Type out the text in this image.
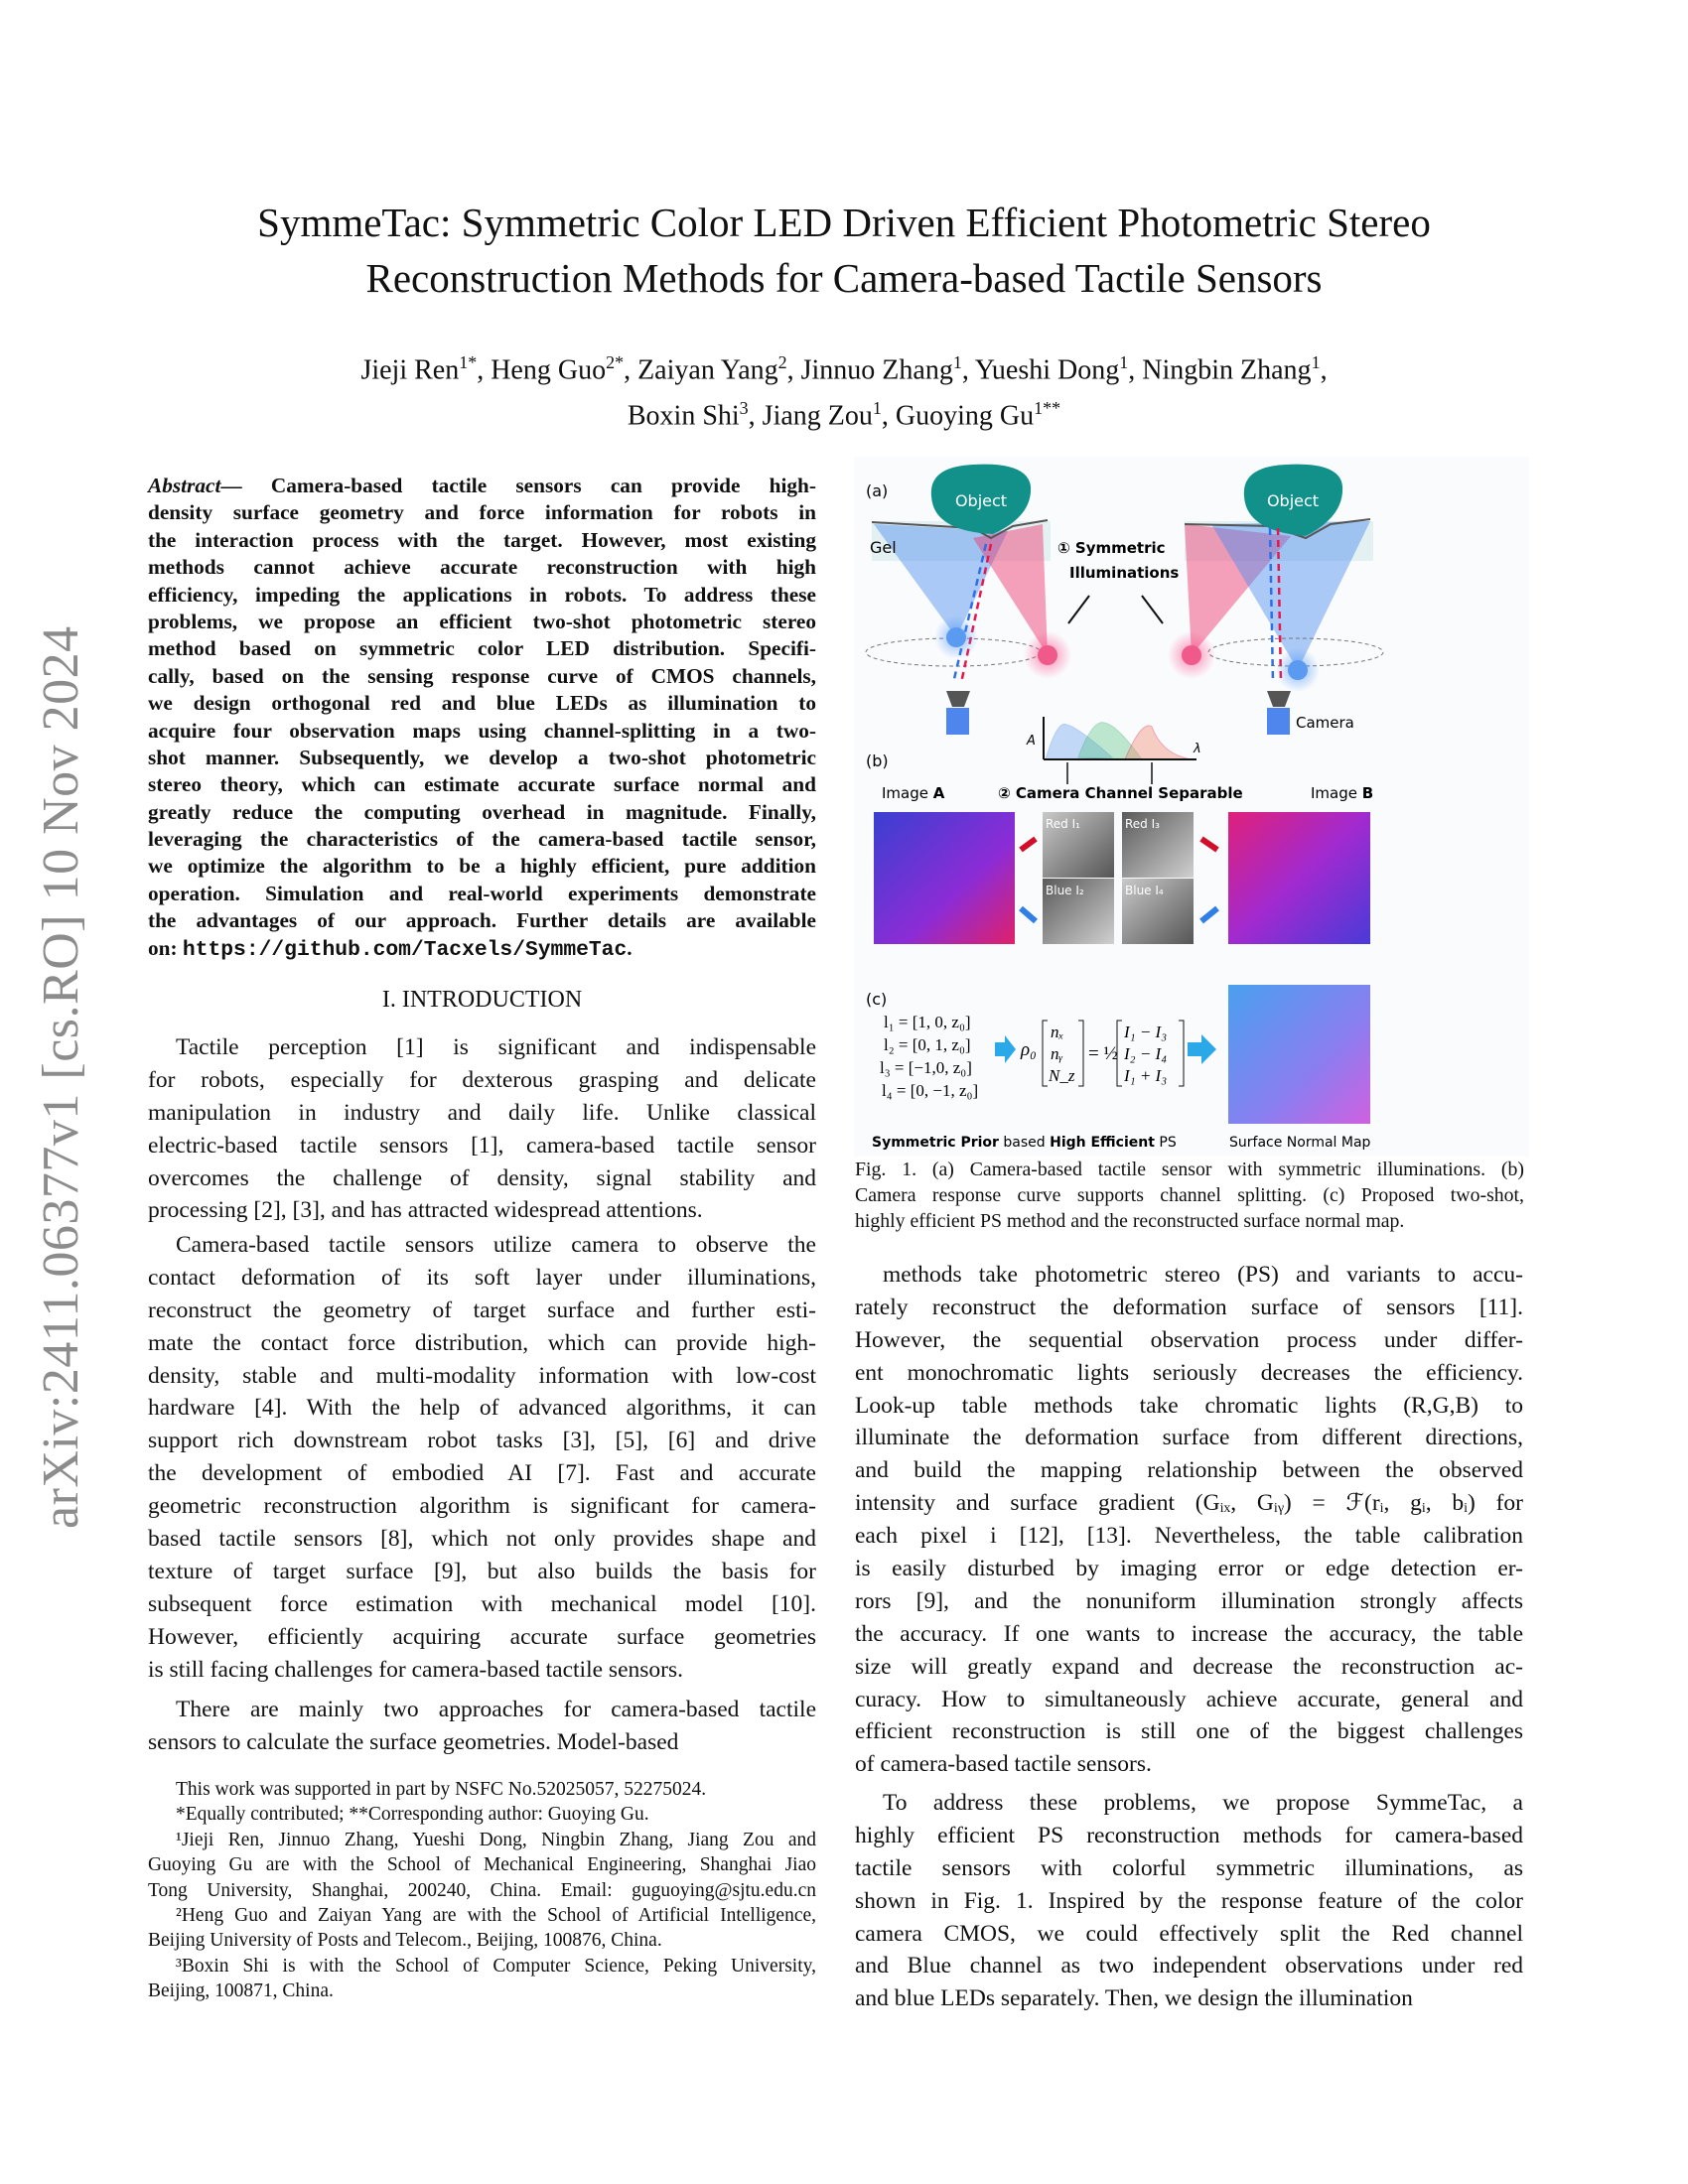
arXiv:2411.06377v1 [cs.RO] 10 Nov 2024
SymmeTac: Symmetric Color LED Driven Efficient Photometric Stereo
Reconstruction Methods for Camera-based Tactile Sensors
Jieji Ren$^{1*}$, Heng Guo$^{2*}$, Zaiyan Yang$^2$, Jinnuo Zhang$^1$, Yueshi Dong$^1$, Ningbin Zhang$^1$,
Boxin Shi$^3$, Jiang Zou$^1$, Guoying $Gu^{1**}$
Abstract— Camera-based tactile sensors can provide high-
density surface geometry and force information for robots in
the interaction process with the target. However, most existing
methods cannot achieve accurate reconstruction with high
efficiency, impeding the applications in robots. To address these
problems, we propose an efficient two-shot photometric stereo
method based on symmetric color LED distribution. Specifi-
cally, based on the sensing response curve of CMOS channels,
we design orthogonal red and blue LEDs as illumination to
acquire four observation maps using channel-splitting in a two-
shot manner. Subsequently, we develop a two-shot photometric
stereo theory, which can estimate accurate surface normal and
greatly reduce the computing overhead in magnitude. Finally,
leveraging the characteristics of the camera-based tactile sensor,
we optimize the algorithm to be a highly efficient, pure addition
operation. Simulation and real-world experiments demonstrate
the advantages of our approach. Further details are available
on: https://github.com/Tacxels/SymmeTac.
I. INTRODUCTION
Tactile perception [1] is significant and indispensable
for robots, especially for dexterous grasping and delicate
manipulation in industry and daily life. Unlike classical
electric-based tactile sensors [1], camera-based tactile sensor
overcomes the challenge of density, signal stability and
processing [2], [3], and has attracted widespread attentions.
Camera-based tactile sensors utilize camera to observe the
contact deformation of its soft layer under illuminations,
reconstruct the geometry of target surface and further esti-
mate the contact force distribution, which can provide high-
density, stable and multi-modality information with low-cost
hardware [4]. With the help of advanced algorithms, it can
support rich downstream robot tasks [3], [5], [6] and drive
the development of embodied AI [7]. Fast and accurate
geometric reconstruction algorithm is significant for camera-
based tactile sensors [8], which not only provides shape and
texture of target surface [9], but also builds the basis for
subsequent force estimation with mechanical model [10].
However, efficiently acquiring accurate surface geometries
is still facing challenges for camera-based tactile sensors.
There are mainly two approaches for camera-based tactile
sensors to calculate the surface geometries. Model-based
methods take photometric stereo (PS) and variants to accu-
rately reconstruct the deformation surface of sensors [11].
However, the sequential observation process under differ-
ent monochromatic lights seriously decreases the efficiency.
Look-up table methods take chromatic lights (R,G,B) to
illuminate the deformation surface from different directions,
and build the mapping relationship between the observed
intensity and surface gradient (Gᵢₓ, Gᵢᵧ) = ℱ(rᵢ, gᵢ, bᵢ) for
each pixel i [12], [13]. Nevertheless, the table calibration
is easily disturbed by imaging error or edge detection er-
rors [9], and the nonuniform illumination strongly affects
the accuracy. If one wants to increase the accuracy, the table
size will greatly expand and decrease the reconstruction ac-
curacy. How to simultaneously achieve accurate, general and
efficient reconstruction is still one of the biggest challenges
of camera-based tactile sensors.
To address these problems, we propose SymmeTac, a
highly efficient PS reconstruction methods for camera-based
tactile sensors with colorful symmetric illuminations, as
shown in Fig. 1. Inspired by the response feature of the color
camera CMOS, we could effectively split the Red channel
and Blue channel as two independent observations under red
and blue LEDs separately. Then, we design the illumination
This work was supported in part by NSFC No.52025057, 52275024.
*Equally contributed; **Corresponding author: Guoying Gu.
¹Jieji Ren, Jinnuo Zhang, Yueshi Dong, Ningbin Zhang, Jiang Zou and
Guoying Gu are with the School of Mechanical Engineering, Shanghai Jiao
Tong University, Shanghai, 200240, China. Email: guguoying@sjtu.edu.cn
²Heng Guo and Zaiyan Yang are with the School of Artificial Intelligence,
Beijing University of Posts and Telecom., Beijing, 100876, China.
³Boxin Shi is with the School of Computer Science, Peking University,
Beijing, 100871, China.
(a)
Object	Object
Gel
Camera
① Symmetric
Illuminations
A
λ
(b)
Image A	② Camera Channel Separable	Image B
Red I₁
Blue I₂
Red I₃
Blue I₄
(c)
l₁ = [1, 0, z₀]
l₂ = [0, 1, z₀]
l₃ = [−1,0, z₀]
l₄ = [0, −1, z₀]
ρ₀
nₓ
nᵧ
N_z
= ½
I₁ − I₃
I₂ − I₄
I₁ + I₃
Symmetric Prior based High Efficient PS	Surface Normal Map
Fig. 1. (a) Camera-based tactile sensor with symmetric illuminations. (b)
Camera response curve supports channel splitting. (c) Proposed two-shot,
highly efficient PS method and the reconstructed surface normal map.
